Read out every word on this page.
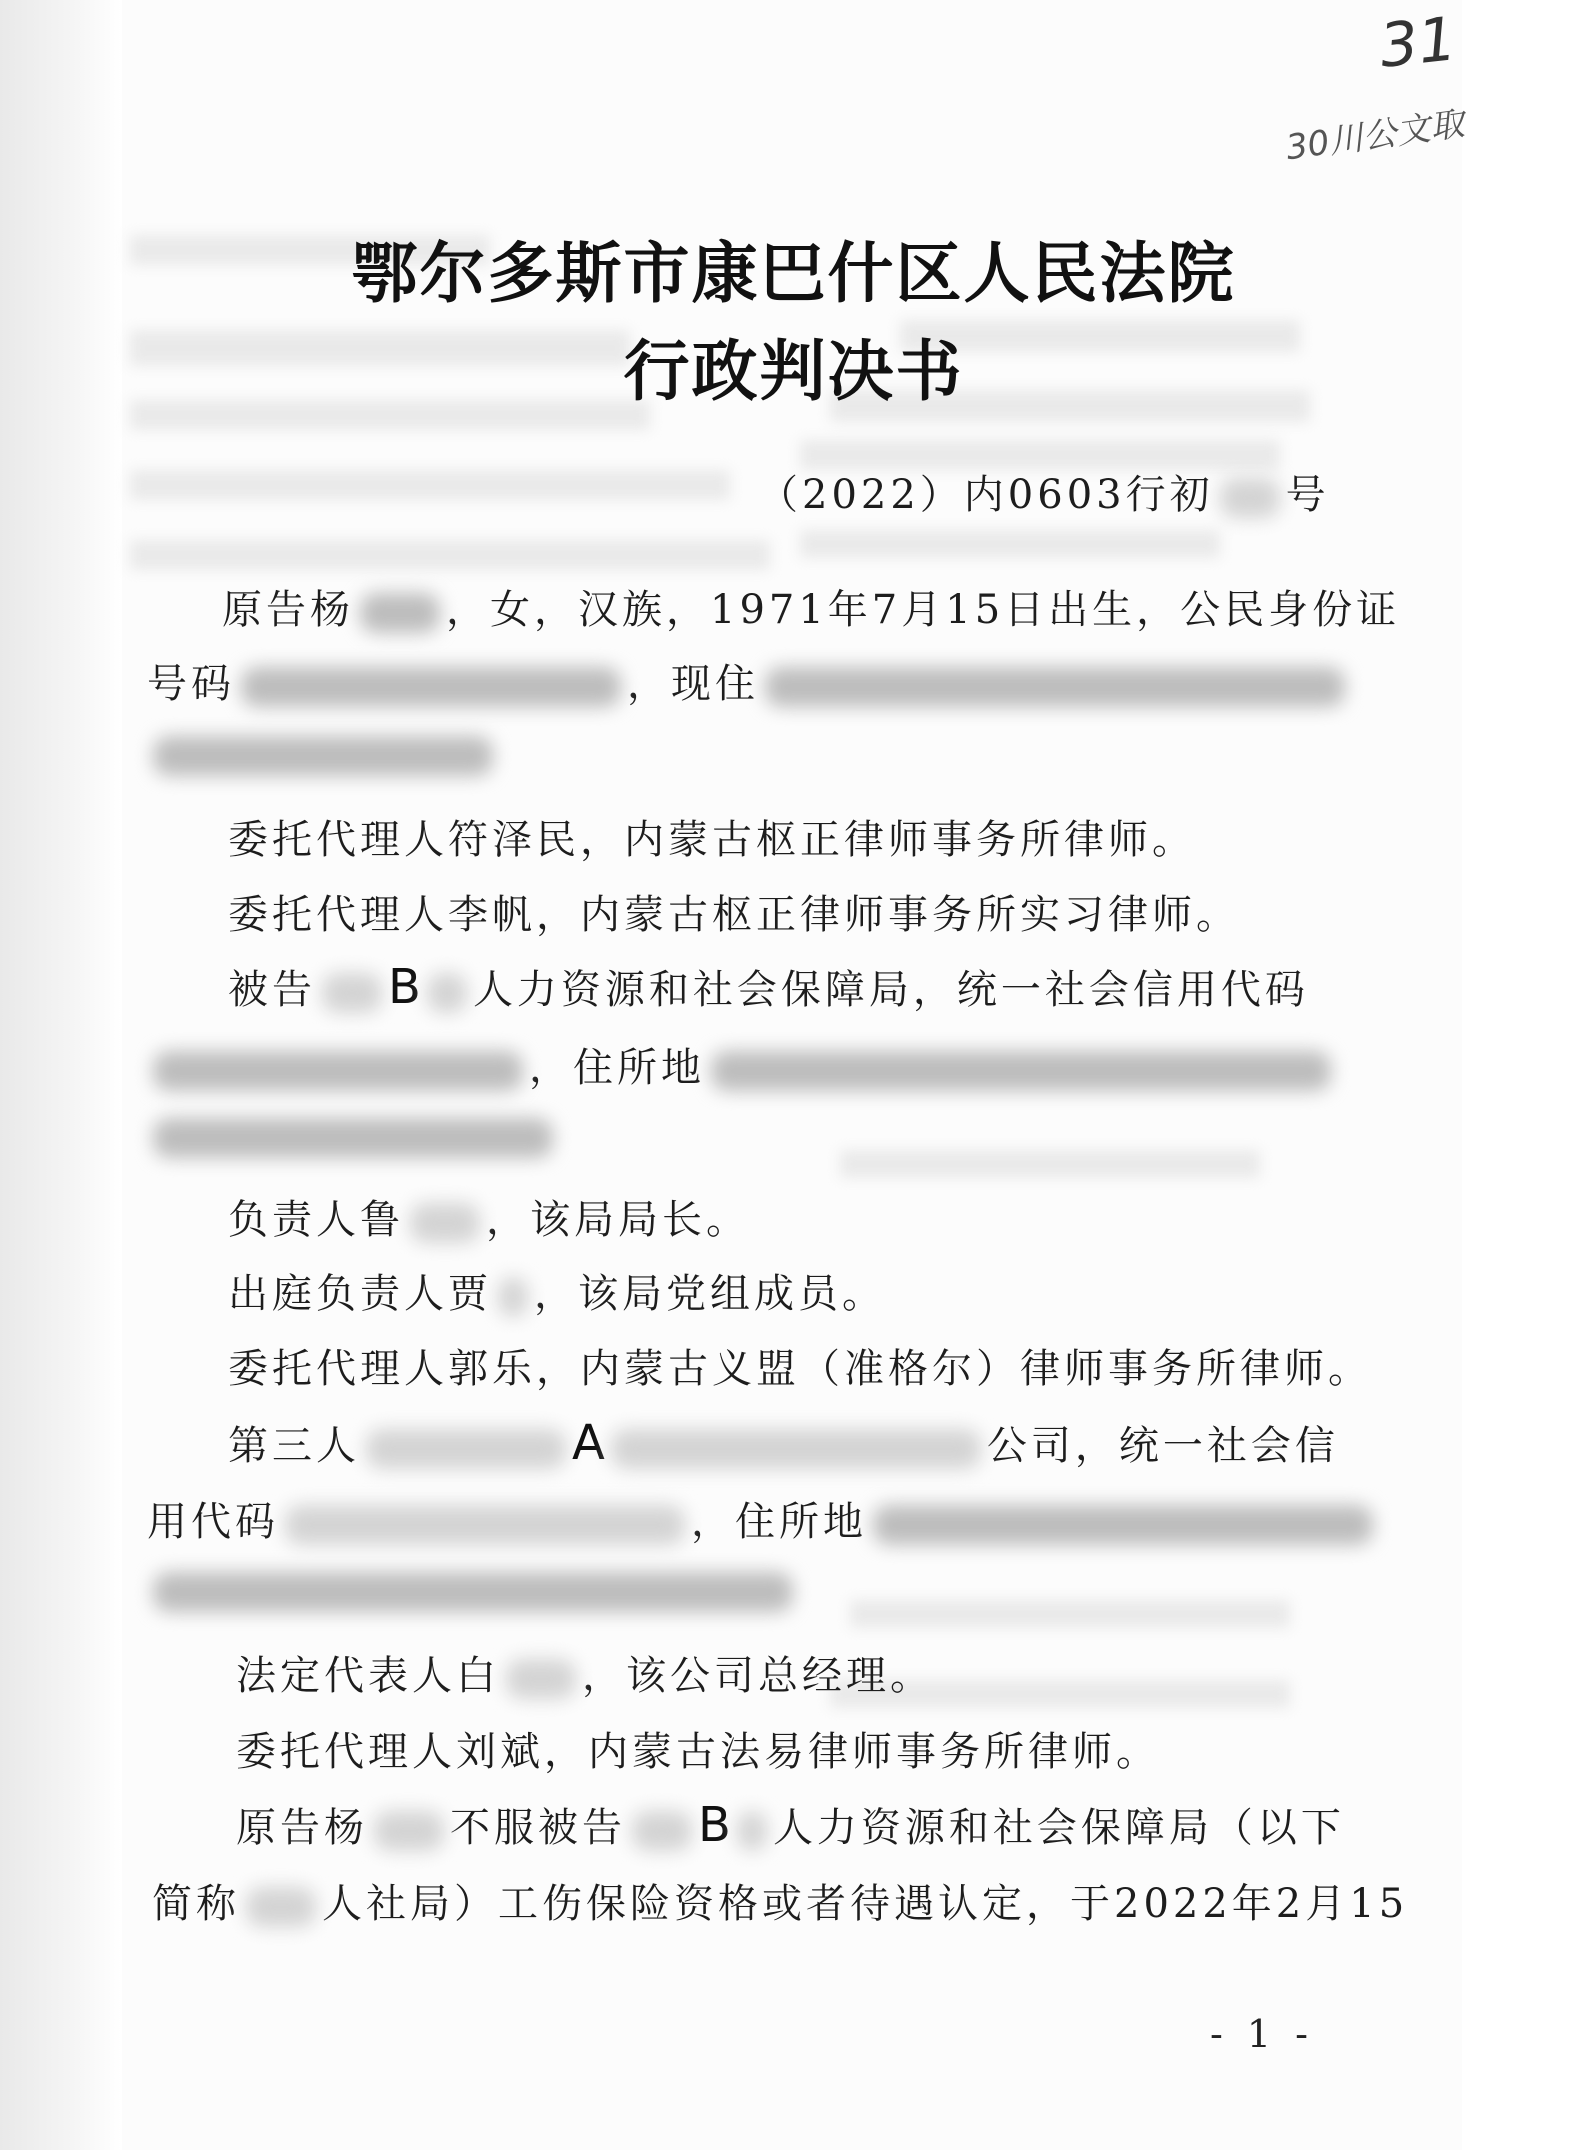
31
30川公文取
鄂尔多斯市康巴什区人民法院
行政判决书
（2022）内0603行初 号
原告杨 ，女，汉族，1971年7月15日出生，公民身份证
号码	，现住
委托代理人符泽民，内蒙古枢正律师事务所律师。
委托代理人李帆，内蒙古枢正律师事务所实习律师。
被告 B 人力资源和社会保障局，统一社会信用代码
，住所地
负责人鲁 ，该局局长。
出庭负责人贾 ，该局党组成员。
委托代理人郭乐，内蒙古义盟（准格尔）律师事务所律师。
第三人	A	公司，统一社会信
用代码	，住所地
法定代表人白 ，该公司总经理。
委托代理人刘斌，内蒙古法易律师事务所律师。
原告杨 不服被告 B 人力资源和社会保障局（以下
简称 人社局）工伤保险资格或者待遇认定，于2022年2月15
- 1 -
